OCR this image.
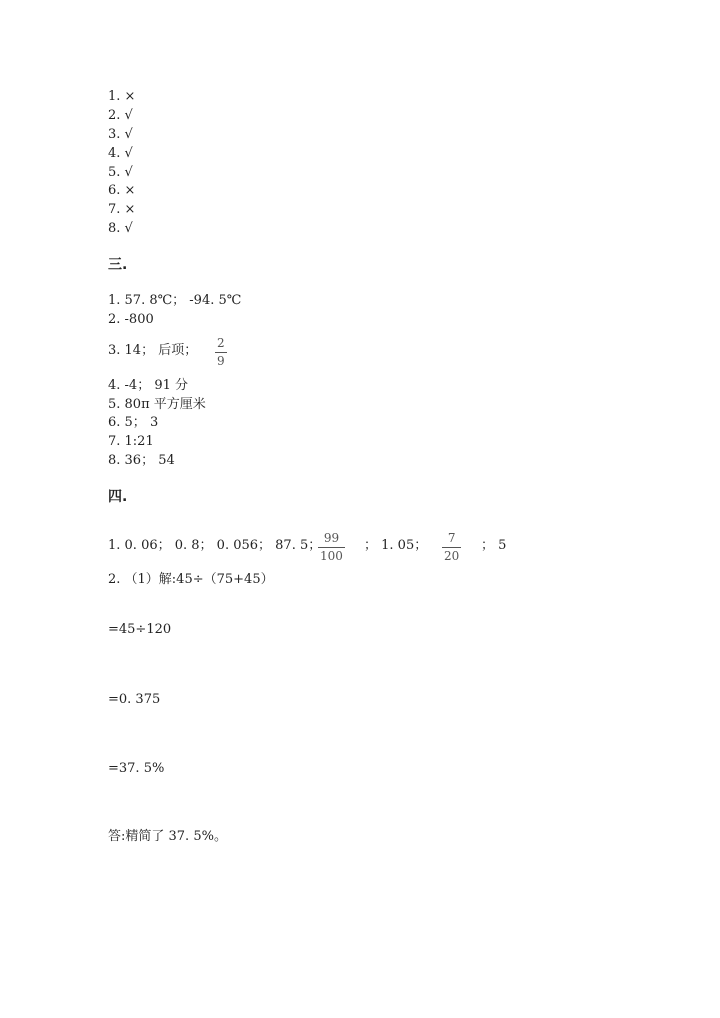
1. ×
2. √
3. √
4. √
5. √
6. ×
7. ×
8. √
三.
1. 57. 8℃； -94. 5℃
2. -800
3. 14； 后项； 2
9
4. -4； 91 分
5. 80π 平方厘米
6. 5； 3
7. 1:21
8. 36； 54
四.
1. 0. 06； 0. 8； 0. 056； 87. 5； 99
100
； 1. 05；	7
20
； 5
2. （1）解:45÷（75+45）
=45÷120
=0. 375
=37. 5%
答:精简了 37. 5%。
